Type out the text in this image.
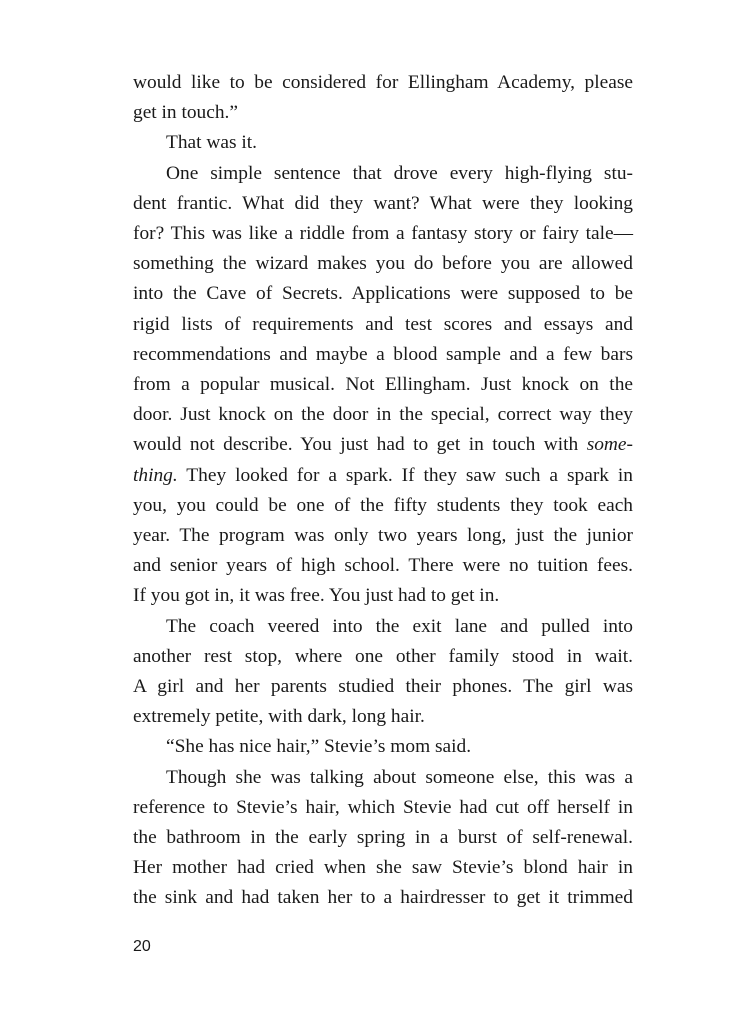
would like to be considered for Ellingham Academy, please
get in touch.”

That was it.

One simple sentence that drove every high-flying stu-
dent frantic. What did they want? What were they looking
for? This was like a riddle from a fantasy story or fairy tale—
something the wizard makes you do before you are allowed
into the Cave of Secrets. Applications were supposed to be
rigid lists of requirements and test scores and essays and
recommendations and maybe a blood sample and a few bars
from a popular musical. Not Ellingham. Just knock on the
door. Just knock on the door in the special, correct way they
would not describe. You just had to get in touch with some-
thing. They looked for a spark. If they saw such a spark in
you, you could be one of the fifty students they took each
year. The program was only two years long, just the junior
and senior years of high school. There were no tuition fees.
If you got in, it was free. You just had to get in.

The coach veered into the exit lane and pulled into
another rest stop, where one other family stood in wait.
A girl and her parents studied their phones. The girl was
extremely petite, with dark, long hair.

“She has nice hair,” Stevie’s mom said.

Though she was talking about someone else, this was a
reference to Stevie’s hair, which Stevie had cut off herself in
the bathroom in the early spring in a burst of self-renewal.
Her mother had cried when she saw Stevie’s blond hair in
the sink and had taken her to a hairdresser to get it trimmed

20
